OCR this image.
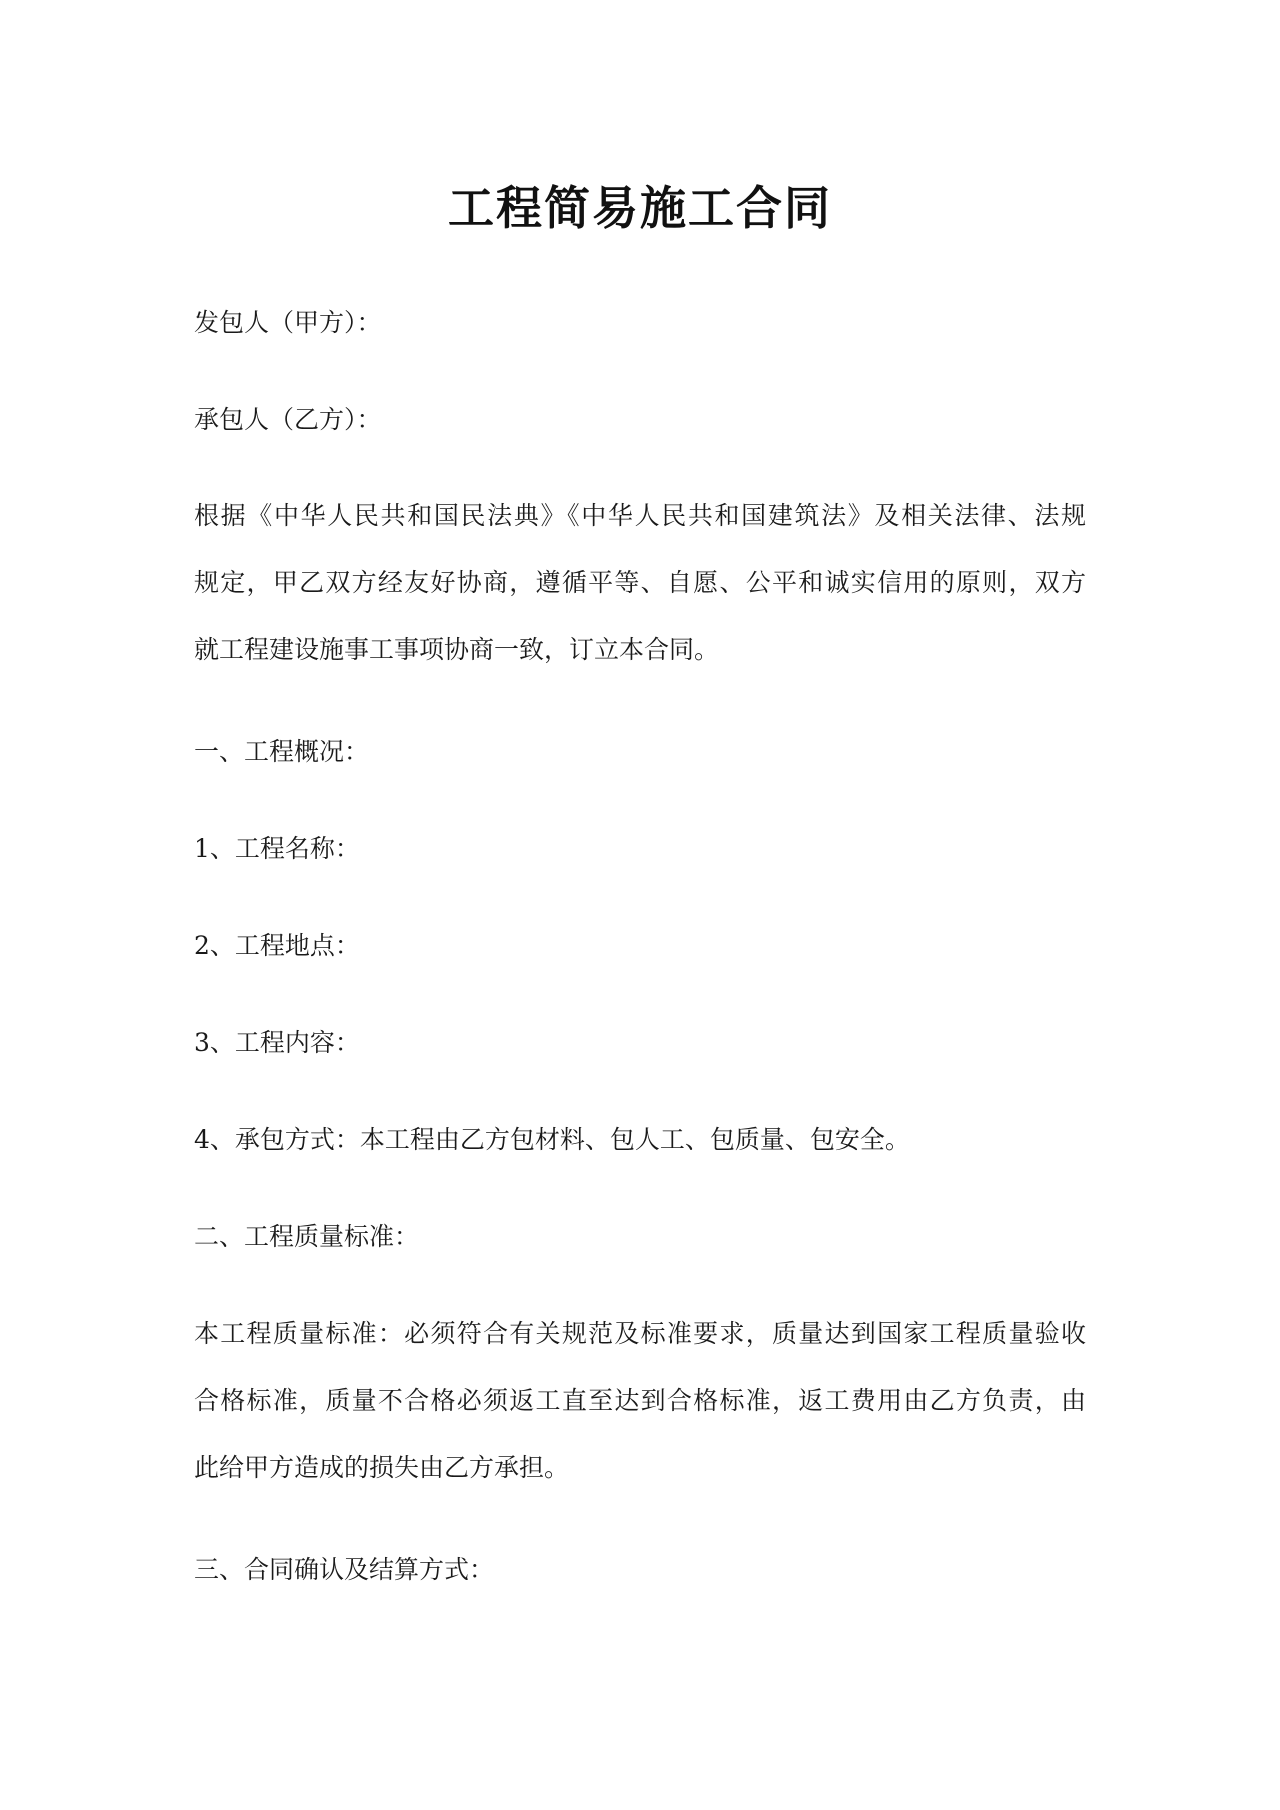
工程简易施工合同
发包人（甲方）：
承包人（乙方）：
根据《中华人民共和国民法典》《中华人民共和国建筑法》及相关法律、法规
规定，甲乙双方经友好协商，遵循平等、自愿、公平和诚实信用的原则，双方
就工程建设施事工事项协商一致，订立本合同。
一、工程概况：
1、工程名称：
2、工程地点：
3、工程内容：
4、承包方式：本工程由乙方包材料、包人工、包质量、包安全。
二、工程质量标准：
本工程质量标准：必须符合有关规范及标准要求，质量达到国家工程质量验收
合格标准，质量不合格必须返工直至达到合格标准，返工费用由乙方负责，由
此给甲方造成的损失由乙方承担。
三、合同确认及结算方式：
